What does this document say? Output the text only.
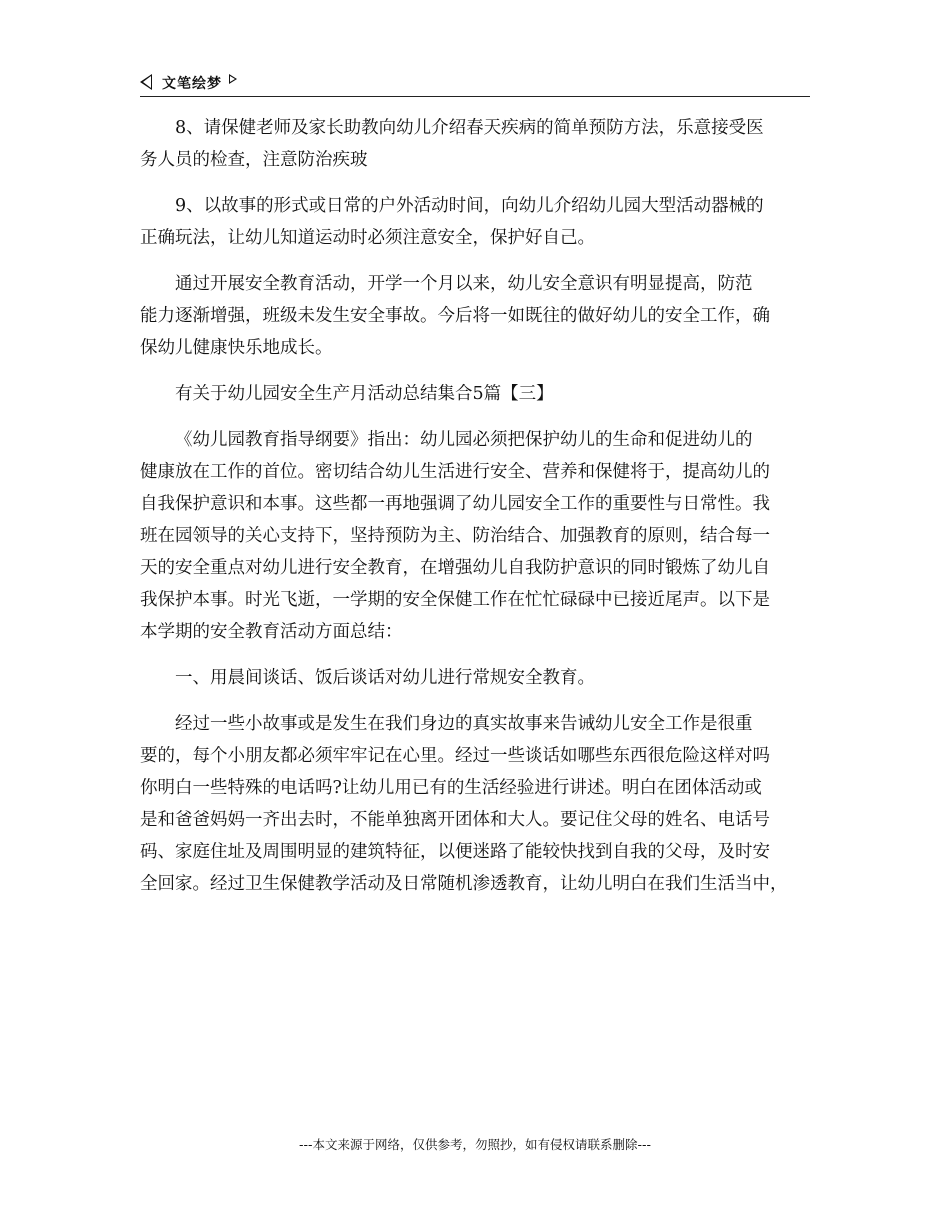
文笔绘梦

8、请保健老师及家长助教向幼儿介绍春天疾病的简单预防方法，乐意接受医
务人员的检查，注意防治疾玻

9、以故事的形式或日常的户外活动时间，向幼儿介绍幼儿园大型活动器械的
正确玩法，让幼儿知道运动时必须注意安全，保护好自己。

通过开展安全教育活动，开学一个月以来，幼儿安全意识有明显提高，防范
能力逐渐增强，班级未发生安全事故。今后将一如既往的做好幼儿的安全工作，确
保幼儿健康快乐地成长。

有关于幼儿园安全生产月活动总结集合5篇【三】

《幼儿园教育指导纲要》指出：幼儿园必须把保护幼儿的生命和促进幼儿的
健康放在工作的首位。密切结合幼儿生活进行安全、营养和保健将于，提高幼儿的
自我保护意识和本事。这些都一再地强调了幼儿园安全工作的重要性与日常性。我
班在园领导的关心支持下，坚持预防为主、防治结合、加强教育的原则，结合每一
天的安全重点对幼儿进行安全教育，在增强幼儿自我防护意识的同时锻炼了幼儿自
我保护本事。时光飞逝，一学期的安全保健工作在忙忙碌碌中已接近尾声。以下是
本学期的安全教育活动方面总结：

一、用晨间谈话、饭后谈话对幼儿进行常规安全教育。

经过一些小故事或是发生在我们身边的真实故事来告诫幼儿安全工作是很重
要的，每个小朋友都必须牢牢记在心里。经过一些谈话如哪些东西很危险这样对吗
你明白一些特殊的电话吗?让幼儿用已有的生活经验进行讲述。明白在团体活动或
是和爸爸妈妈一齐出去时，不能单独离开团体和大人。要记住父母的姓名、电话号
码、家庭住址及周围明显的建筑特征，以便迷路了能较快找到自我的父母，及时安
全回家。经过卫生保健教学活动及日常随机渗透教育，让幼儿明白在我们生活当中，

---本文来源于网络，仅供参考，勿照抄，如有侵权请联系删除---
